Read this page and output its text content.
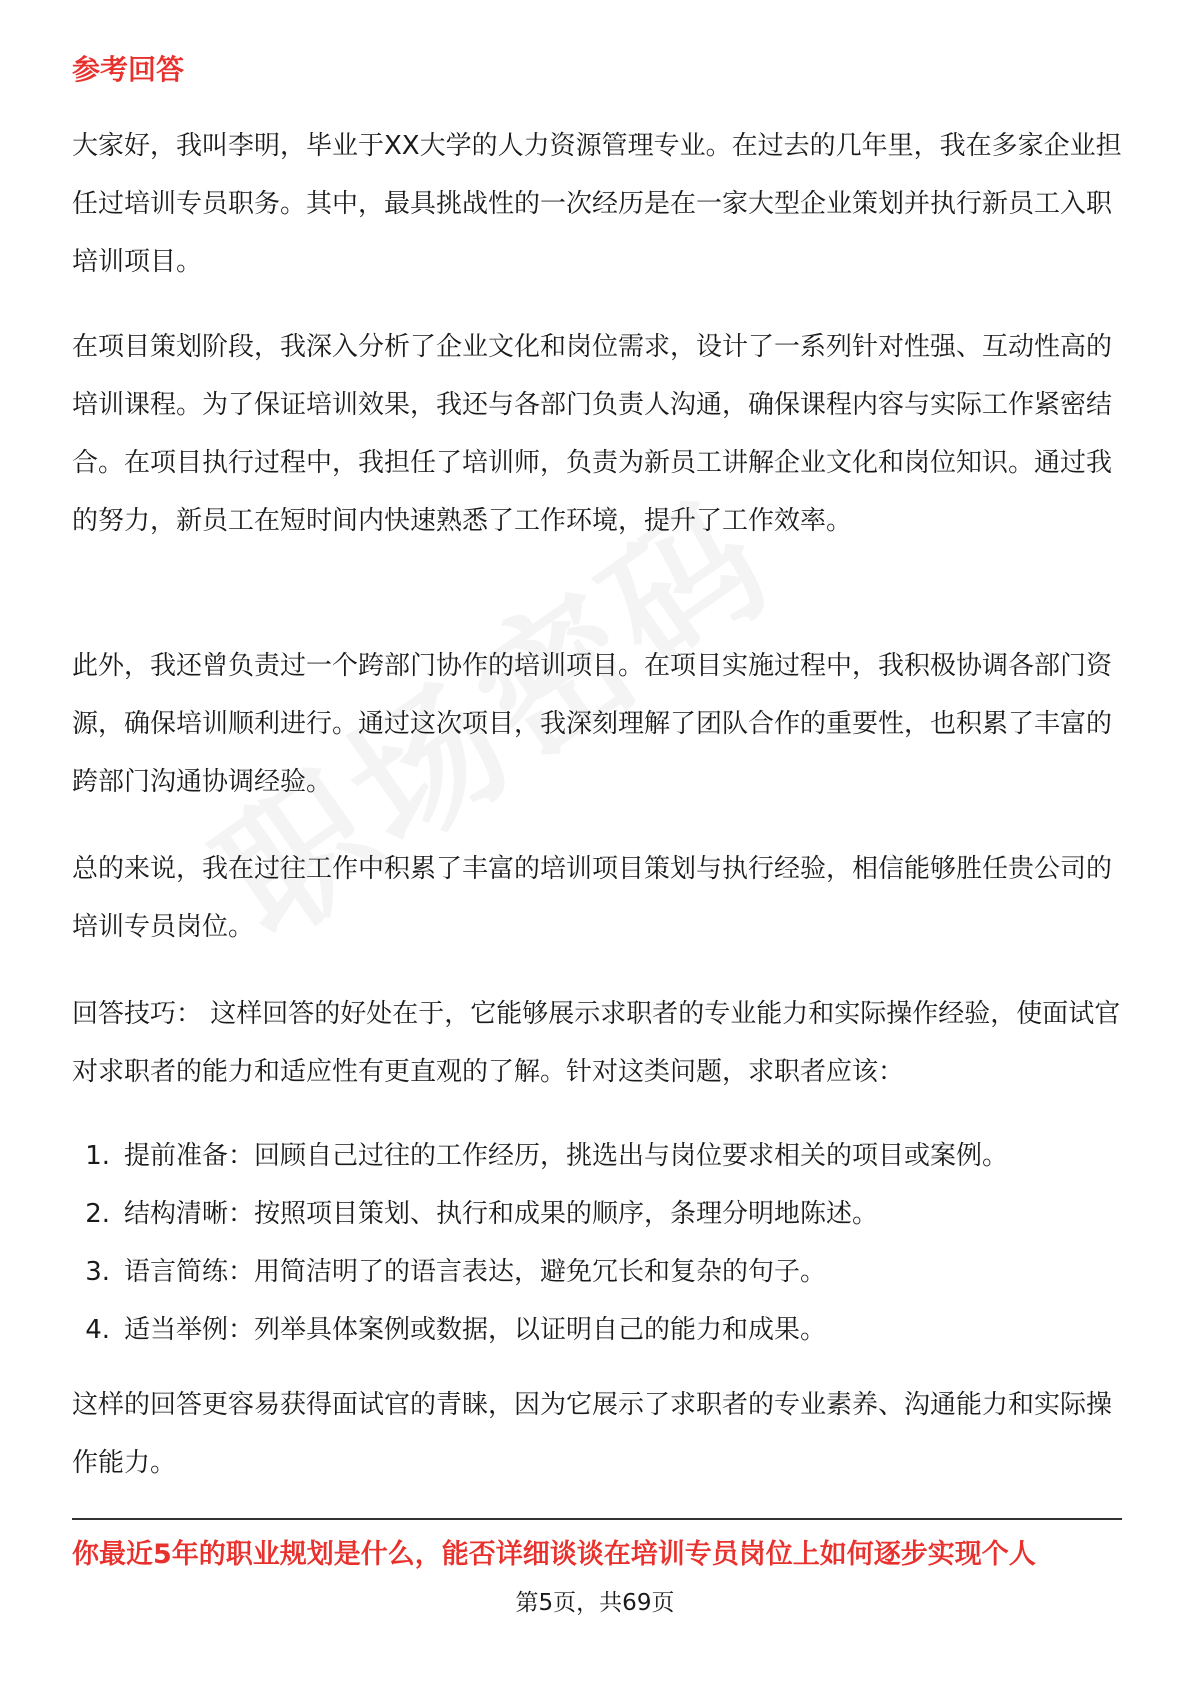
参考回答

大家好，我叫李明，毕业于XX大学的人力资源管理专业。在过去的几年里，我在多家企业担任过培训专员职务。其中，最具挑战性的一次经历是在一家大型企业策划并执行新员工入职培训项目。

在项目策划阶段，我深入分析了企业文化和岗位需求，设计了一系列针对性强、互动性高的培训课程。为了保证培训效果，我还与各部门负责人沟通，确保课程内容与实际工作紧密结合。在项目执行过程中，我担任了培训师，负责为新员工讲解企业文化和岗位知识。通过我的努力，新员工在短时间内快速熟悉了工作环境，提升了工作效率。

此外，我还曾负责过一个跨部门协作的培训项目。在项目实施过程中，我积极协调各部门资源，确保培训顺利进行。通过这次项目，我深刻理解了团队合作的重要性，也积累了丰富的跨部门沟通协调经验。

总的来说，我在过往工作中积累了丰富的培训项目策划与执行经验，相信能够胜任贵公司的培训专员岗位。

回答技巧： 这样回答的好处在于，它能够展示求职者的专业能力和实际操作经验，使面试官对求职者的能力和适应性有更直观的了解。针对这类问题，求职者应该：

1. 提前准备：回顾自己过往的工作经历，挑选出与岗位要求相关的项目或案例。
2. 结构清晰：按照项目策划、执行和成果的顺序，条理分明地陈述。
3. 语言简练：用简洁明了的语言表达，避免冗长和复杂的句子。
4. 适当举例：列举具体案例或数据，以证明自己的能力和成果。

这样的回答更容易获得面试官的青睐，因为它展示了求职者的专业素养、沟通能力和实际操作能力。

你最近5年的职业规划是什么，能否详细谈谈在培训专员岗位上如何逐步实现个人
第5页，共69页
